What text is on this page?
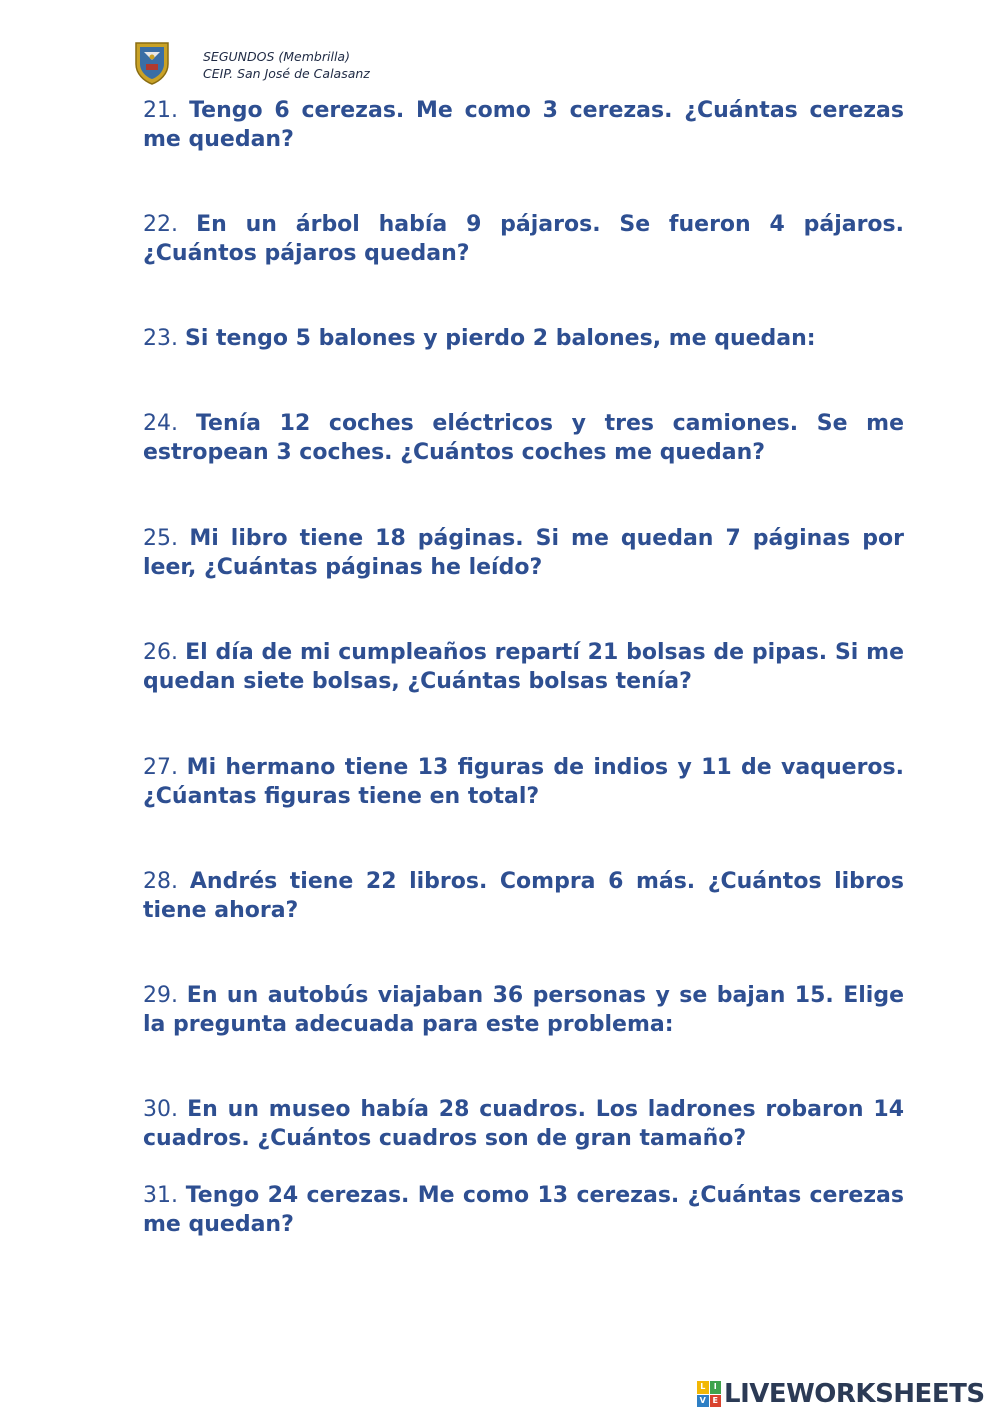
SEGUNDOS (Membrilla)
CEIP. San José de Calasanz

21. Tengo 6 cerezas. Me como 3 cerezas. ¿Cuántas cerezas me quedan?

22. En un árbol había 9 pájaros. Se fueron 4 pájaros. ¿Cuántos pájaros quedan?

23. Si tengo 5 balones y pierdo 2 balones, me quedan:

24. Tenía 12 coches eléctricos y tres camiones. Se me estropean 3 coches. ¿Cuántos coches me quedan?

25. Mi libro tiene 18 páginas. Si me quedan 7 páginas por leer, ¿Cuántas páginas he leído?

26. El día de mi cumpleaños repartí 21 bolsas de pipas. Si me quedan siete bolsas, ¿Cuántas bolsas tenía?

27. Mi hermano tiene 13 figuras de indios y 11 de vaqueros. ¿Cúantas figuras tiene en total?

28. Andrés tiene 22 libros. Compra 6 más. ¿Cuántos libros tiene ahora?

29. En un autobús viajaban 36 personas y se bajan 15. Elige la pregunta adecuada para este problema:

30. En un museo había 28 cuadros. Los ladrones robaron 14 cuadros. ¿Cuántos cuadros son de gran tamaño?

31. Tengo 24 cerezas. Me como 13 cerezas. ¿Cuántas cerezas me quedan?

L	I
V E LIVEWORKSHEETS
